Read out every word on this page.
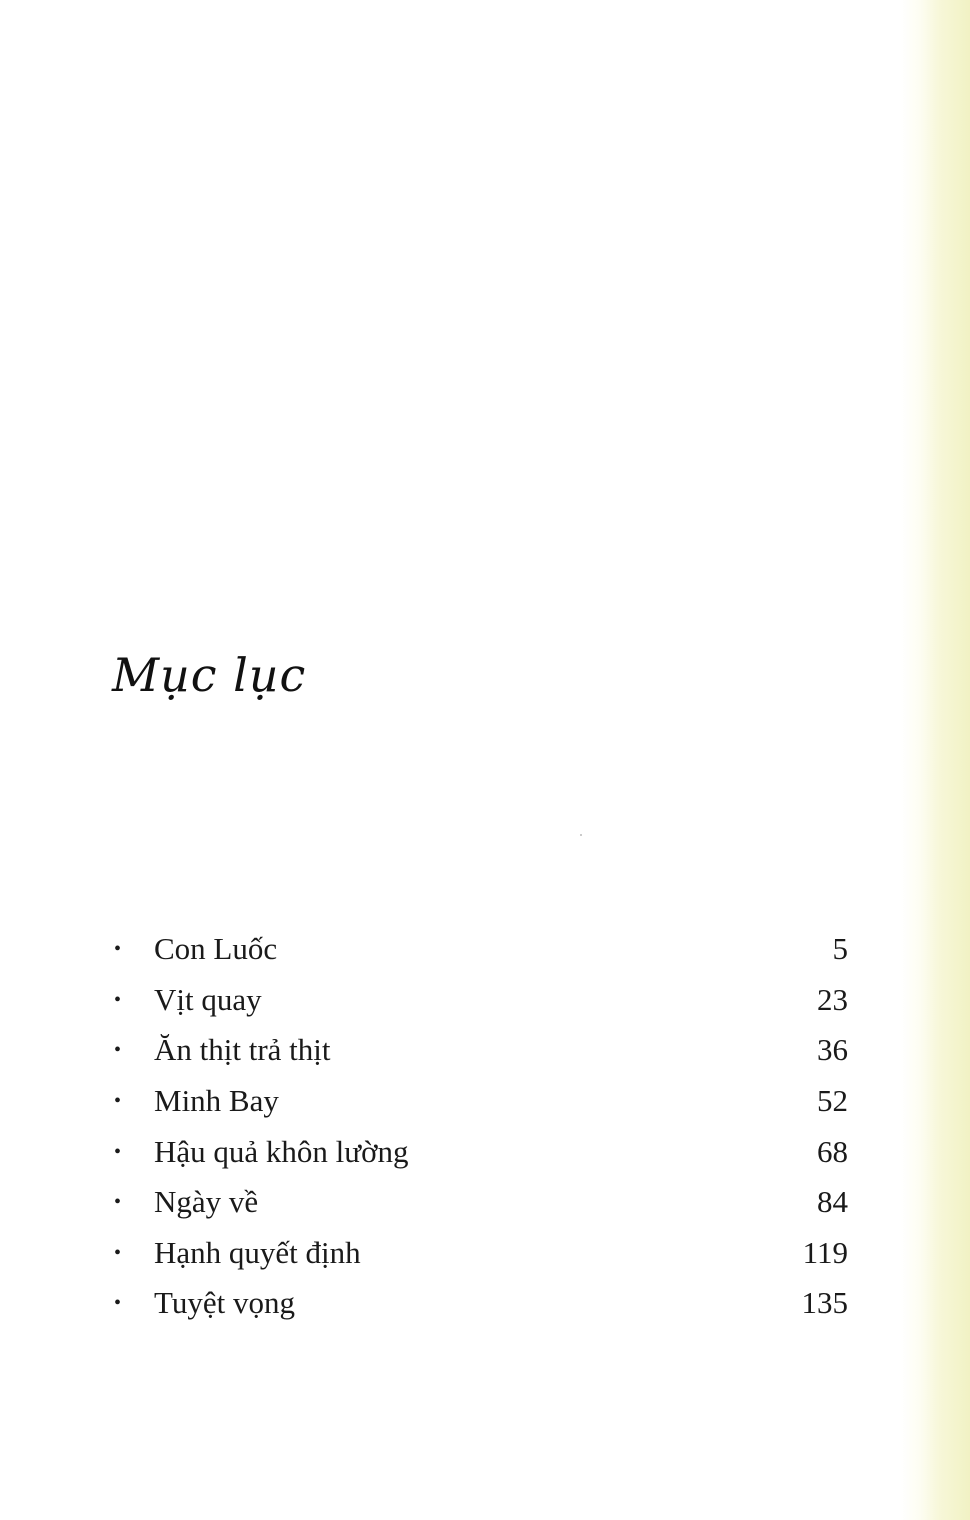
Mục lục
•	Con Luốc	5
•	Vịt quay	23
•	Ăn thịt trả thịt	36
•	Minh Bay	52
•	Hậu quả khôn lường	68
•	Ngày về	84
•	Hạnh quyết định	119
•	Tuyệt vọng	135
